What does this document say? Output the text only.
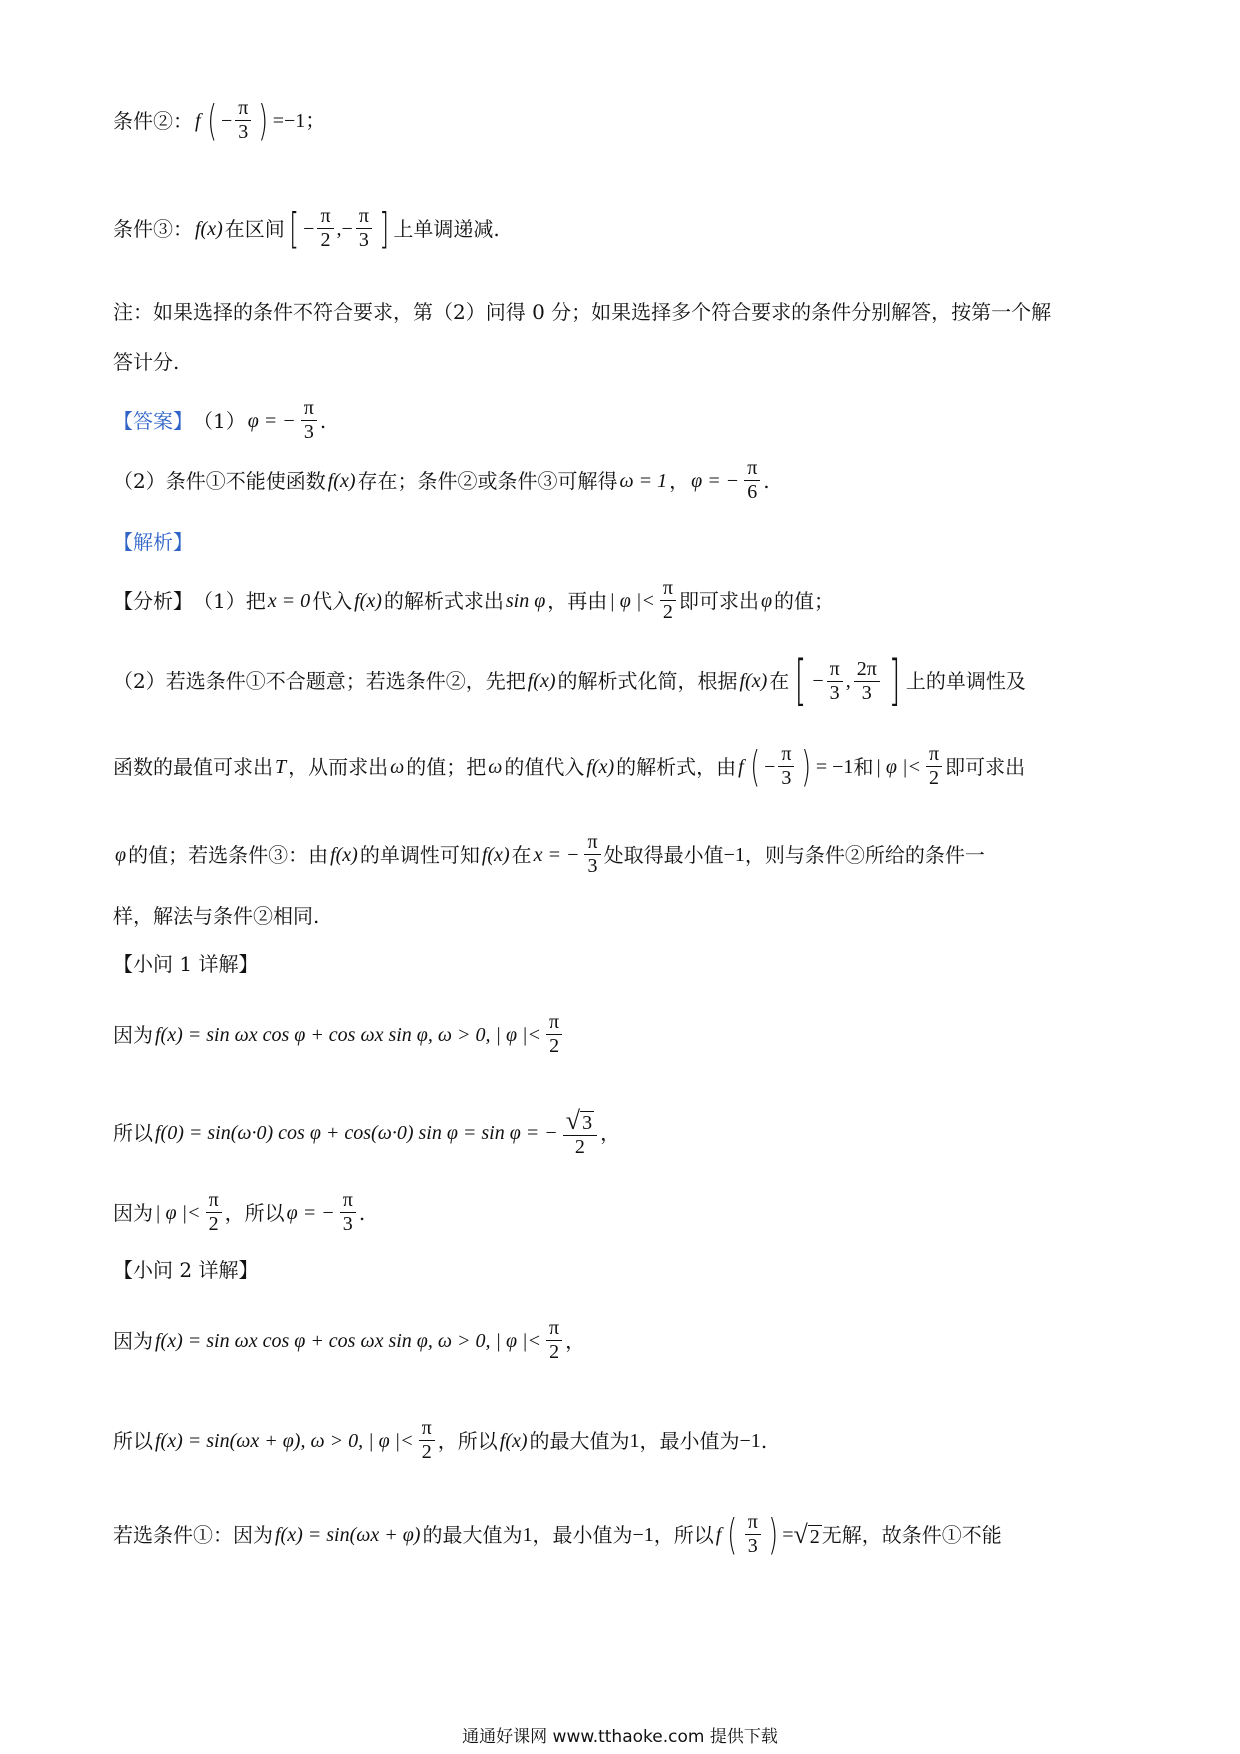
条件②： f ( − $\frac{\pi}{3}$ ) =−1；
条件③： f(x) 在区间 [ − $\frac{\pi}{2}$ , − $\frac{\pi}{3}$ ] 上单调递减.
注：如果选择的条件不符合要求，第（2）问得 0 分；如果选择多个符合要求的条件分别解答，按第一个解
答计分.
【答案】 （1） φ = − $\frac{\pi}{3}$ .
（2）条件①不能使函数 f(x) 存在；条件②或条件③可解得 ω = 1 ， φ = − $\frac{\pi}{6}$ .
【解析】
【分析】 （1）把 x = 0 代入 f(x) 的解析式求出 sin φ ，再由 | φ |< $\frac{\pi}{2}$ 即可求出 φ 的值；
（2）若选条件①不合题意；若选条件②，先把 f(x) 的解析式化简，根据 f(x) 在 [ − $\frac{\pi}{3}$ , $\frac{2\pi}{3}$ ] 上的单调性及
函数的最值可求出 T ，从而求出 ω 的值；把 ω 的值代入 f(x) 的解析式，由 f ( − $\frac{\pi}{3}$ ) = −1 和 | φ |< $\frac{\pi}{2}$ 即可求出
φ 的值；若选条件③：由 f(x) 的单调性可知 f(x) 在 x = − $\frac{\pi}{3}$ 处取得最小值 −1 ，则与条件②所给的条件一
样，解法与条件②相同.
【小问 1 详解】
因为 f(x) = sin ωx cos φ + cos ωx sin φ, ω > 0, | φ |< $\frac{\pi}{2}$
所以 f(0) = sin(ω·0) cos φ + cos(ω·0) sin φ = sin φ = − $\frac{√ 3}{2}$ ，
因为 | φ |< $\frac{\pi}{2}$ ，所以 φ = − $\frac{\pi}{3}$ .
【小问 2 详解】
因为 f(x) = sin ωx cos φ + cos ωx sin φ, ω > 0, | φ |< $\frac{\pi}{2}$ ，
所以 f(x) = sin(ωx + φ), ω > 0, | φ |< $\frac{\pi}{2}$ ，所以 f(x) 的最大值为 1 ，最小值为 −1 .
若选条件①：因为 f(x) = sin(ωx + φ) 的最大值为 1 ，最小值为 −1 ，所以 f ( $\frac{\pi}{3}$ ) = √ 2 无解，故条件①不能
通通好课网 www.tthaoke.com 提供下载
